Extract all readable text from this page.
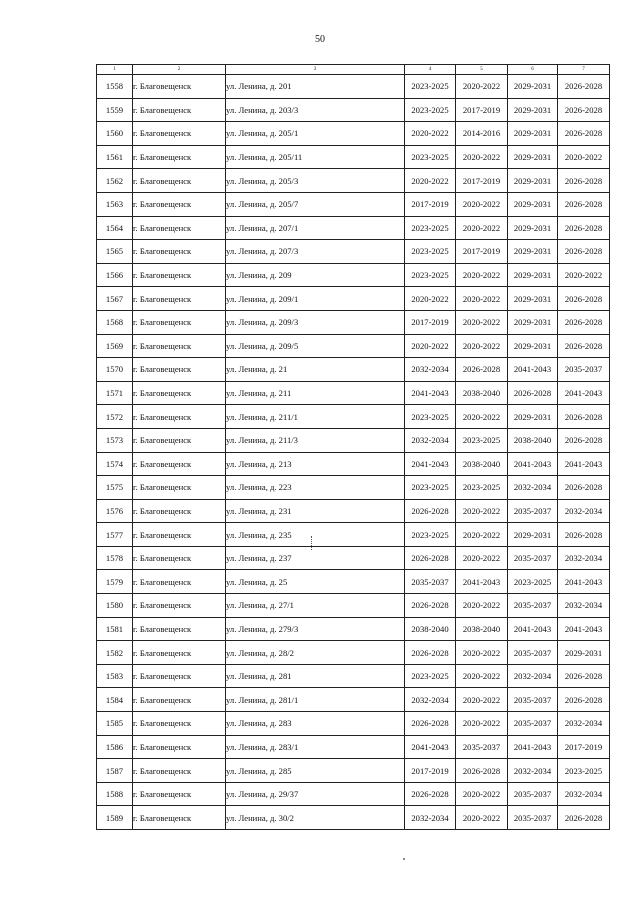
50
1	2	3	4	5	6	7
1558	г. Благовещенск	ул. Ленина, д. 201	2023-2025	2020-2022	2029-2031	2026-2028
1559	г. Благовещенск	ул. Ленина, д. 203/3	2023-2025	2017-2019	2029-2031	2026-2028
1560	г. Благовещенск	ул. Ленина, д. 205/1	2020-2022	2014-2016	2029-2031	2026-2028
1561	г. Благовещенск	ул. Ленина, д. 205/11	2023-2025	2020-2022	2029-2031	2020-2022
1562	г. Благовещенск	ул. Ленина, д. 205/3	2020-2022	2017-2019	2029-2031	2026-2028
1563	г. Благовещенск	ул. Ленина, д. 205/7	2017-2019	2020-2022	2029-2031	2026-2028
1564	г. Благовещенск	ул. Ленина, д. 207/1	2023-2025	2020-2022	2029-2031	2026-2028
1565	г. Благовещенск	ул. Ленина, д. 207/3	2023-2025	2017-2019	2029-2031	2026-2028
1566	г. Благовещенск	ул. Ленина, д. 209	2023-2025	2020-2022	2029-2031	2020-2022
1567	г. Благовещенск	ул. Ленина, д. 209/1	2020-2022	2020-2022	2029-2031	2026-2028
1568	г. Благовещенск	ул. Ленина, д. 209/3	2017-2019	2020-2022	2029-2031	2026-2028
1569	г. Благовещенск	ул. Ленина, д. 209/5	2020-2022	2020-2022	2029-2031	2026-2028
1570	г. Благовещенск	ул. Ленина, д. 21	2032-2034	2026-2028	2041-2043	2035-2037
1571	г. Благовещенск	ул. Ленина, д. 211	2041-2043	2038-2040	2026-2028	2041-2043
1572	г. Благовещенск	ул. Ленина, д. 211/1	2023-2025	2020-2022	2029-2031	2026-2028
1573	г. Благовещенск	ул. Ленина, д. 211/3	2032-2034	2023-2025	2038-2040	2026-2028
1574	г. Благовещенск	ул. Ленина, д. 213	2041-2043	2038-2040	2041-2043	2041-2043
1575	г. Благовещенск	ул. Ленина, д. 223	2023-2025	2023-2025	2032-2034	2026-2028
1576	г. Благовещенск	ул. Ленина, д. 231	2026-2028	2020-2022	2035-2037	2032-2034
1577	г. Благовещенск	ул. Ленина, д. 235	2023-2025	2020-2022	2029-2031	2026-2028
1578	г. Благовещенск	ул. Ленина, д. 237	2026-2028	2020-2022	2035-2037	2032-2034
1579	г. Благовещенск	ул. Ленина, д. 25	2035-2037	2041-2043	2023-2025	2041-2043
1580	г. Благовещенск	ул. Ленина, д. 27/1	2026-2028	2020-2022	2035-2037	2032-2034
1581	г. Благовещенск	ул. Ленина, д. 279/3	2038-2040	2038-2040	2041-2043	2041-2043
1582	г. Благовещенск	ул. Ленина, д. 28/2	2026-2028	2020-2022	2035-2037	2029-2031
1583	г. Благовещенск	ул. Ленина, д. 281	2023-2025	2020-2022	2032-2034	2026-2028
1584	г. Благовещенск	ул. Ленина, д. 281/1	2032-2034	2020-2022	2035-2037	2026-2028
1585	г. Благовещенск	ул. Ленина, д. 283	2026-2028	2020-2022	2035-2037	2032-2034
1586	г. Благовещенск	ул. Ленина, д. 283/1	2041-2043	2035-2037	2041-2043	2017-2019
1587	г. Благовещенск	ул. Ленина, д. 285	2017-2019	2026-2028	2032-2034	2023-2025
1588	г. Благовещенск	ул. Ленина, д. 29/37	2026-2028	2020-2022	2035-2037	2032-2034
1589	г. Благовещенск	ул. Ленина, д. 30/2	2032-2034	2020-2022	2035-2037	2026-2028
